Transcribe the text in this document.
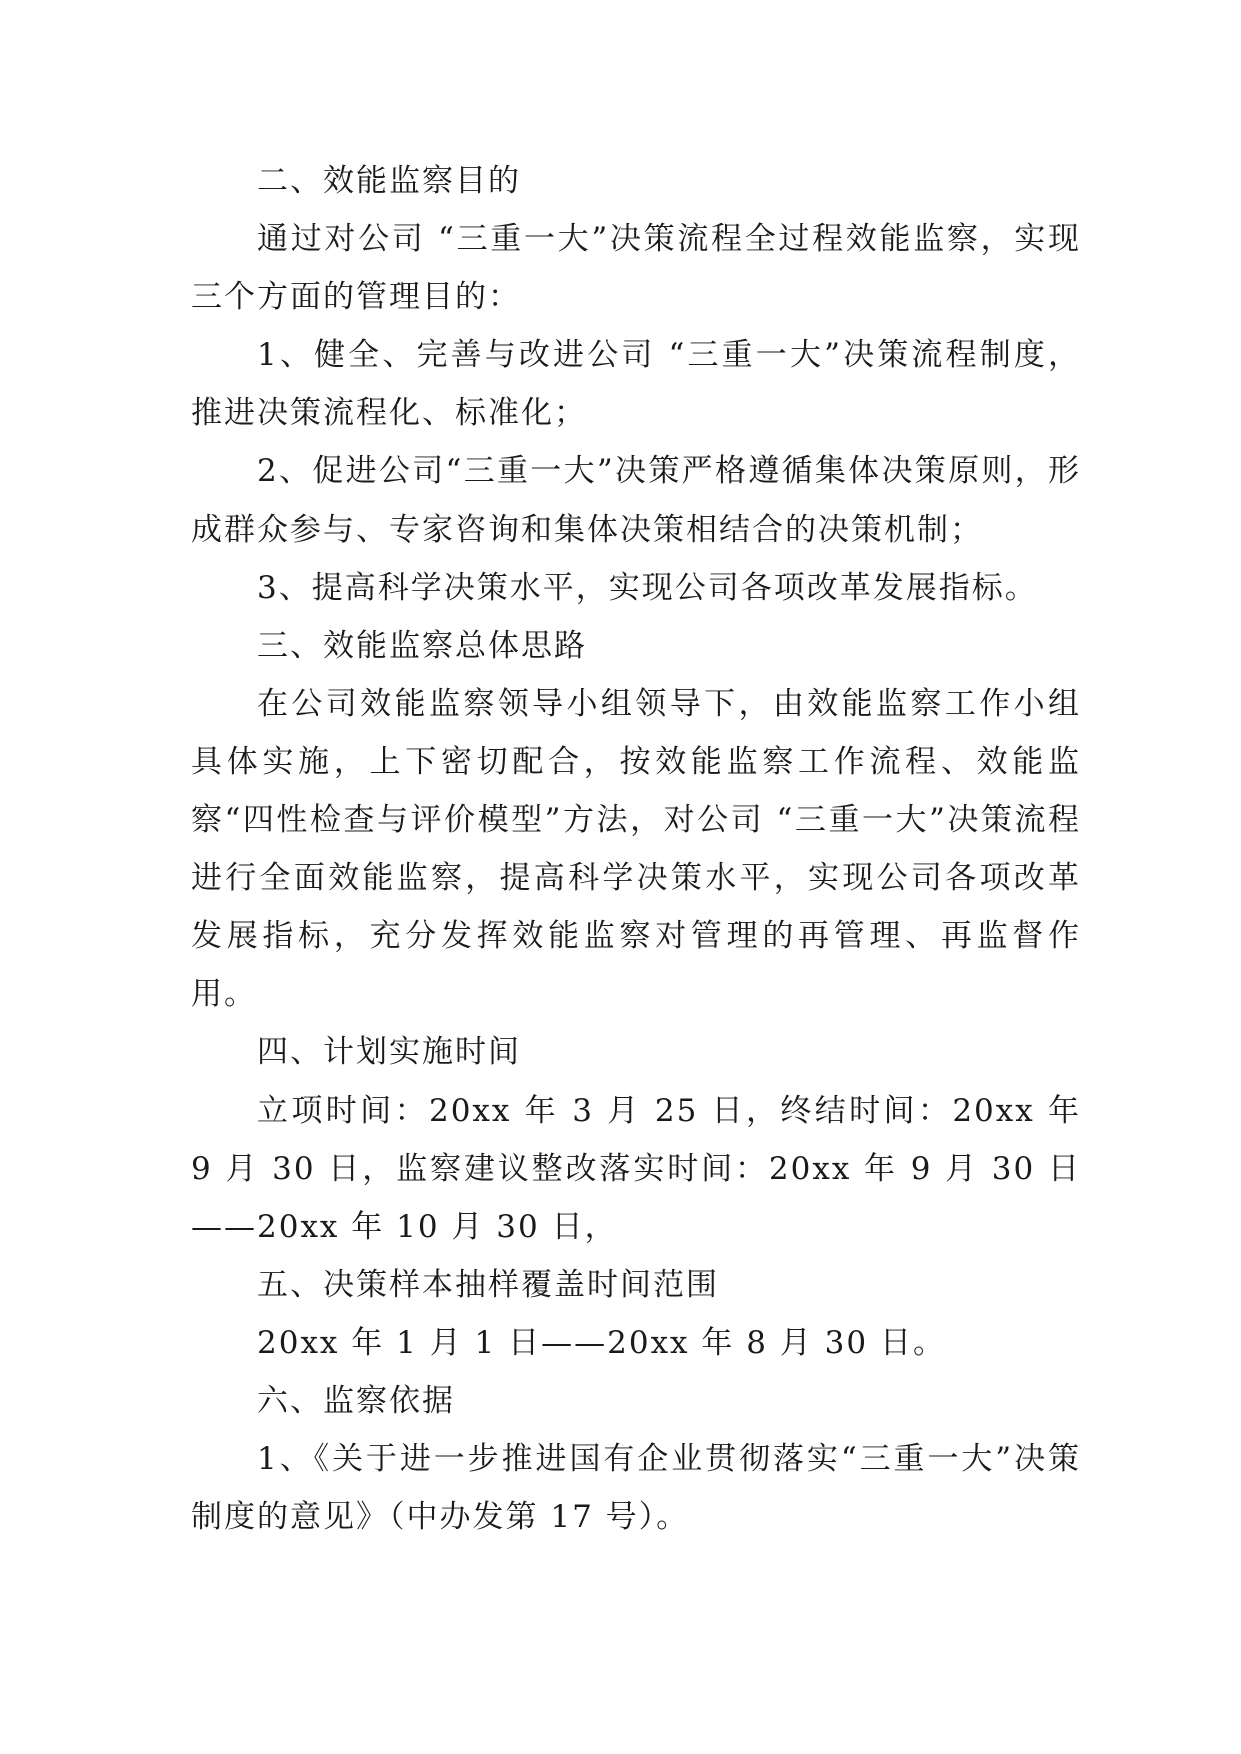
二、效能监察目的

通过对公司 “三重一大”决策流程全过程效能监察，实现三个方面的管理目的：

1、健全、完善与改进公司 “三重一大”决策流程制度，推进决策流程化、标准化；

2、促进公司“三重一大”决策严格遵循集体决策原则，形成群众参与、专家咨询和集体决策相结合的决策机制；

3、提高科学决策水平，实现公司各项改革发展指标。

三、效能监察总体思路

在公司效能监察领导小组领导下，由效能监察工作小组具体实施，上下密切配合，按效能监察工作流程、效能监察“四性检查与评价模型”方法，对公司 “三重一大”决策流程进行全面效能监察，提高科学决策水平，实现公司各项改革发展指标，充分发挥效能监察对管理的再管理、再监督作用。

四、计划实施时间

立项时间：20xx 年 3 月 25 日，终结时间：20xx 年 9 月 30 日，监察建议整改落实时间：20xx 年 9 月 30 日——20xx 年 10 月 30 日，

五、决策样本抽样覆盖时间范围

20xx 年 1 月 1 日——20xx 年 8 月 30 日。

六、监察依据

1、《关于进一步推进国有企业贯彻落实“三重一大”决策制度的意见》（中办发第 17 号）。
